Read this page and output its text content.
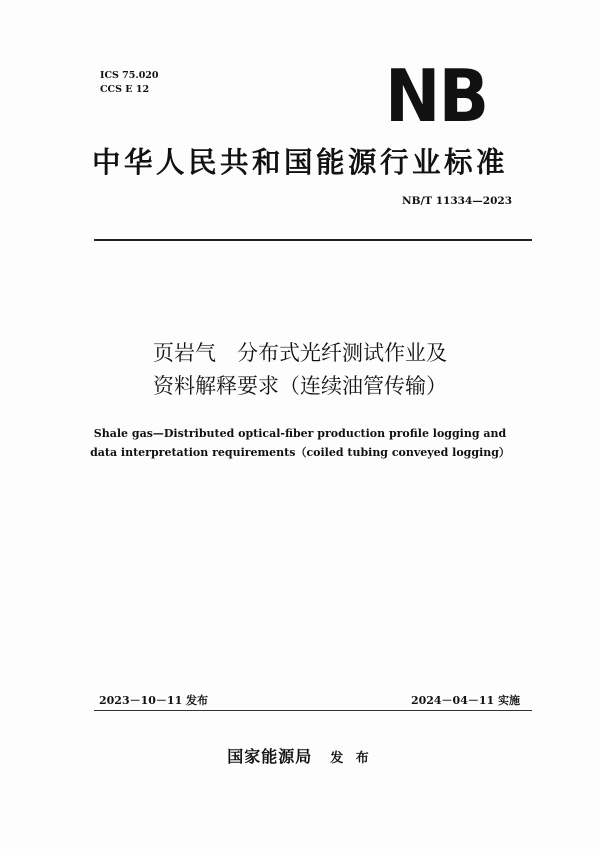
ICS 75.020
CCS E 12	NB
中华人民共和国能源行业标准
NB/T 11334—2023
页岩气　分布式光纤测试作业及
资料解释要求（连续油管传输）
Shale gas—Distributed optical-fiber production profile logging and
data interpretation requirements（coiled tubing conveyed logging）
2023－10－11 发布	2024－04－11 实施
国家能源局 发 布
